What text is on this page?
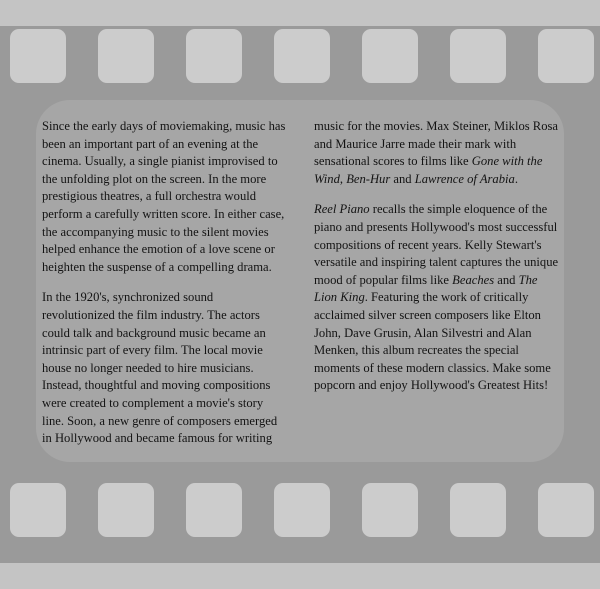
Since the early days of moviemaking, music has been an important part of an evening at the cinema. Usually, a single pianist improvised to the unfolding plot on the screen. In the more prestigious theatres, a full orchestra would perform a carefully written score. In either case, the accompanying music to the silent movies helped enhance the emotion of a love scene or heighten the suspense of a compelling drama.

In the 1920's, synchronized sound revolutionized the film industry. The actors could talk and background music became an intrinsic part of every film. The local movie house no longer needed to hire musicians. Instead, thoughtful and moving compositions were created to complement a movie's story line. Soon, a new genre of composers emerged in Hollywood and became famous for writing

music for the movies. Max Steiner, Miklos Rosa and Maurice Jarre made their mark with sensational scores to films like Gone with the Wind, Ben-Hur and Lawrence of Arabia.

Reel Piano recalls the simple eloquence of the piano and presents Hollywood's most successful compositions of recent years. Kelly Stewart's versatile and inspiring talent captures the unique mood of popular films like Beaches and The Lion King. Featuring the work of critically acclaimed silver screen composers like Elton John, Dave Grusin, Alan Silvestri and Alan Menken, this album recreates the special moments of these modern classics. Make some popcorn and enjoy Hollywood's Greatest Hits!
